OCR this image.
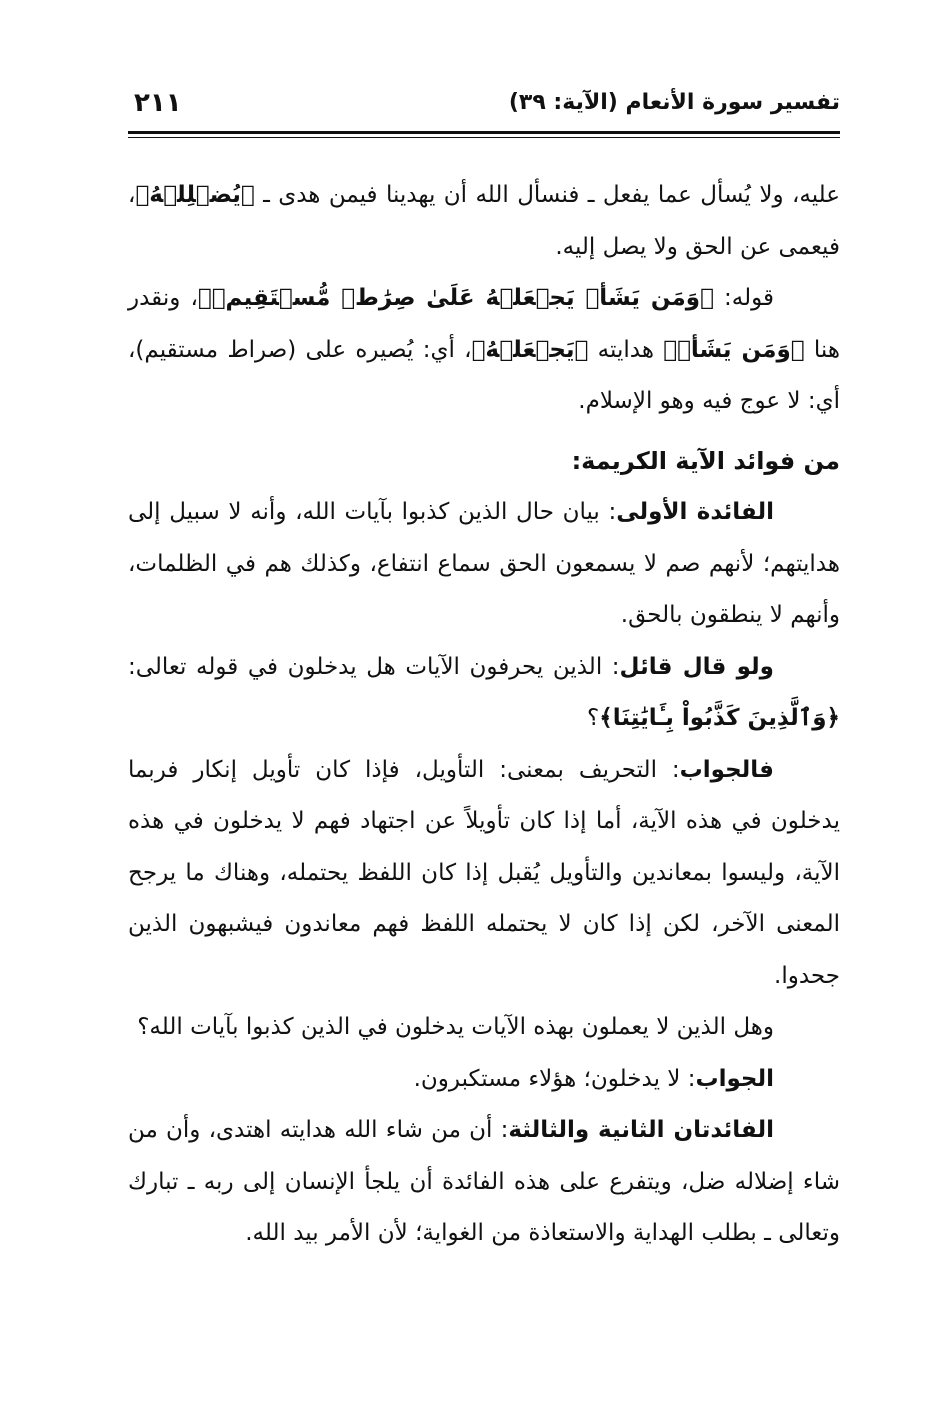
تفسير سورة الأنعام (الآية: ٣٩)
٢١١

عليه، ولا يُسأل عما يفعل ـ فنسأل الله أن يهدينا فيمن هدى ـ ﴿يُضۡلِلۡهُ﴾، فيعمى عن الحق ولا يصل إليه.

قوله: ﴿وَمَن يَشَأۡ يَجۡعَلۡهُ عَلَىٰ صِرَٰطٖ مُّسۡتَقِيمٖ﴾، ونقدر هنا ﴿وَمَن يَشَأۡ﴾ هدايته ﴿يَجۡعَلۡهُ﴾، أي: يُصيره على (صراط مستقيم)، أي: لا عوج فيه وهو الإسلام.

من فوائد الآية الكريمة:

الفائدة الأولى: بيان حال الذين كذبوا بآيات الله، وأنه لا سبيل إلى هدايتهم؛ لأنهم صم لا يسمعون الحق سماع انتفاع، وكذلك هم في الظلمات، وأنهم لا ينطقون بالحق.

ولو قال قائل: الذين يحرفون الآيات هل يدخلون في قوله تعالى: ﴿وَٱلَّذِينَ كَذَّبُواْ بِـَٔايَٰتِنَا﴾؟

فالجواب: التحريف بمعنى: التأويل، فإذا كان تأويل إنكار فربما يدخلون في هذه الآية، أما إذا كان تأويلاً عن اجتهاد فهم لا يدخلون في هذه الآية، وليسوا بمعاندين والتأويل يُقبل إذا كان اللفظ يحتمله، وهناك ما يرجح المعنى الآخر، لكن إذا كان لا يحتمله اللفظ فهم معاندون فيشبهون الذين جحدوا.

وهل الذين لا يعملون بهذه الآيات يدخلون في الذين كذبوا بآيات الله؟

الجواب: لا يدخلون؛ هؤلاء مستكبرون.

الفائدتان الثانية والثالثة: أن من شاء الله هدايته اهتدى، وأن من شاء إضلاله ضل، ويتفرع على هذه الفائدة أن يلجأ الإنسان إلى ربه ـ تبارك وتعالى ـ بطلب الهداية والاستعاذة من الغواية؛ لأن الأمر بيد الله.
